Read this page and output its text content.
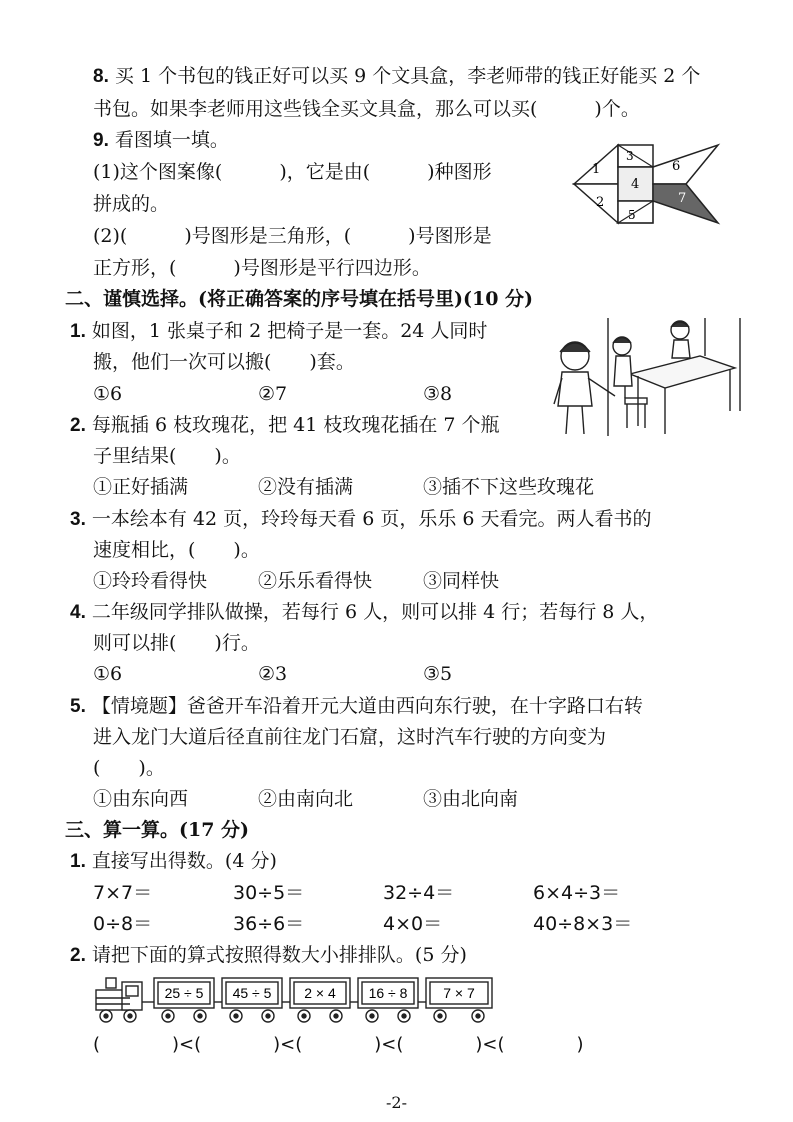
8. 买 1 个书包的钱正好可以买 9 个文具盒，李老师带的钱正好能买 2 个
书包。如果李老师用这些钱全买文具盒，那么可以买(　　　)个。
9. 看图填一填。
(1)这个图案像(　　　)，它是由(　　　)种图形
拼成的。
(2)(　　　)号图形是三角形，(　　　)号图形是
正方形，(　　　)号图形是平行四边形。
1
2
3
4
5
6
7
二、谨慎选择。(将正确答案的序号填在括号里)(10 分)
1. 如图，1 张桌子和 2 把椅子是一套。24 人同时
搬，他们一次可以搬(　　)套。
①6	②7	③8
2. 每瓶插 6 枝玫瑰花，把 41 枝玫瑰花插在 7 个瓶
子里结果(　　)。
①正好插满	②没有插满	③插不下这些玫瑰花
3. 一本绘本有 42 页，玲玲每天看 6 页，乐乐 6 天看完。两人看书的
速度相比，(　　)。
①玲玲看得快	②乐乐看得快	③同样快
4. 二年级同学排队做操，若每行 6 人，则可以排 4 行；若每行 8 人，
则可以排(　　)行。
①6	②3	③5
5. 【情境题】爸爸开车沿着开元大道由西向东行驶，在十字路口右转
进入龙门大道后径直前往龙门石窟，这时汽车行驶的方向变为
(　　)。
①由东向西	②由南向北	③由北向南
三、算一算。(17 分)
1. 直接写出得数。(4 分)
7×7＝	30÷5＝	32÷4＝	6×4÷3＝
0÷8＝	36÷6＝	4×0＝	40÷8×3＝
2. 请把下面的算式按照得数大小排排队。(5 分)
25 ÷ 5 45 ÷ 5 2 × 4 16 ÷ 8	7 × 7
(　　　　)<(　　　　)<(　　　　)<(　　　　)<(　　　　)
-2-
